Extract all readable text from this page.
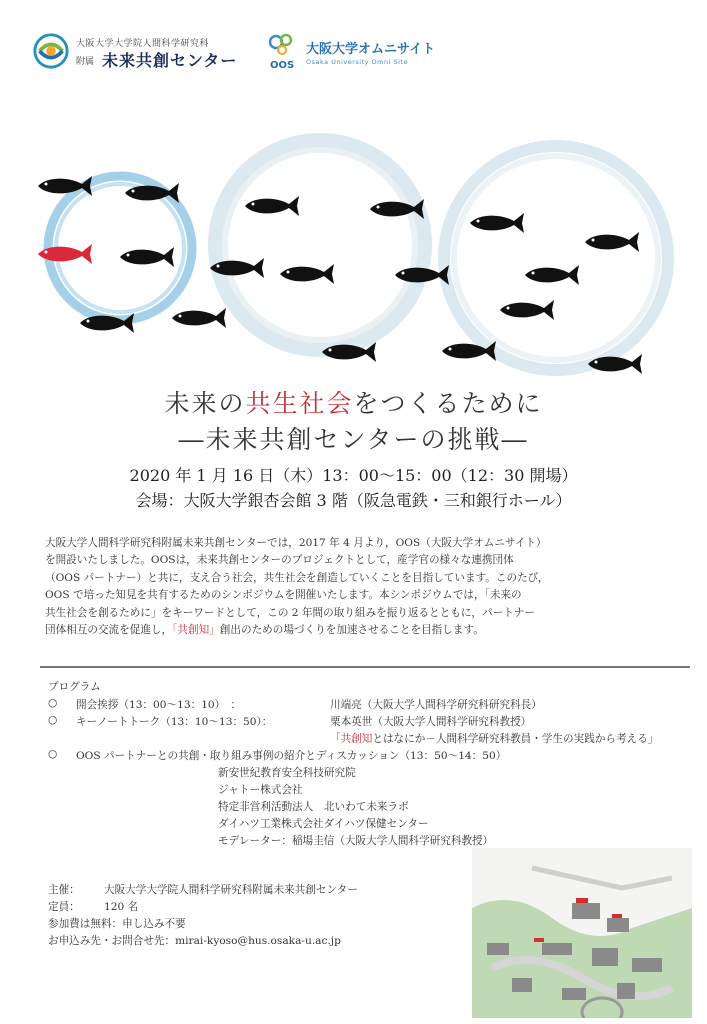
大阪大学大学院人間科学研究科
附属 未来共創センター	OOS
大阪大学オムニサイト
Osaka University Omni Site
未来の共生社会をつくるために
―未来共創センターの挑戦―
2020 年 1 月 16 日（木）13：00～15：00（12：30 開場）
会場：大阪大学銀杏会館 3 階（阪急電鉄・三和銀行ホール）
大阪大学人間科学研究科附属未来共創センターでは，2017 年 4 月より，OOS（大阪大学オムニサイト）
を開設いたしました。OOSは，未来共創センターのプロジェクトとして，産学官の様々な連携団体
（OOS パートナー）と共に，支え合う社会，共生社会を創造していくことを目指しています。このたび，
OOS で培った知見を共有するためのシンポジウムを開催いたします。本シンポジウムでは，「未来の
共生社会を創るために」をキーワードとして，この 2 年間の取り組みを振り返るとともに，パートナー
団体相互の交流を促進し，「共創知」創出のための場づくりを加速させることを目指します。
プログラム
○ 開会挨拶（13：00～13：10）　：	川端亮（大阪大学人間科学研究科研究科長）
○ キーノートトーク（13：10～13：50）：	栗本英世（大阪大学人間科学研究科教授）
「共創知とはなにか－人間科学研究科教員・学生の実践から考える」
○ OOS パートナーとの共創・取り組み事例の紹介とディスカッション（13：50～14：50）
新安世紀教育安全科技研究院
ジャトー株式会社
特定非営利活動法人　北いわて未来ラボ
ダイハツ工業株式会社ダイハツ保健センター
モデレーター：稲場圭信（大阪大学人間科学研究科教授）
主催： 大阪大学大学院人間科学研究科附属未来共創センター
定員： 120 名
参加費は無料：申し込み不要
お申込み先・お問合せ先：mirai-kyoso@hus.osaka-u.ac.jp
